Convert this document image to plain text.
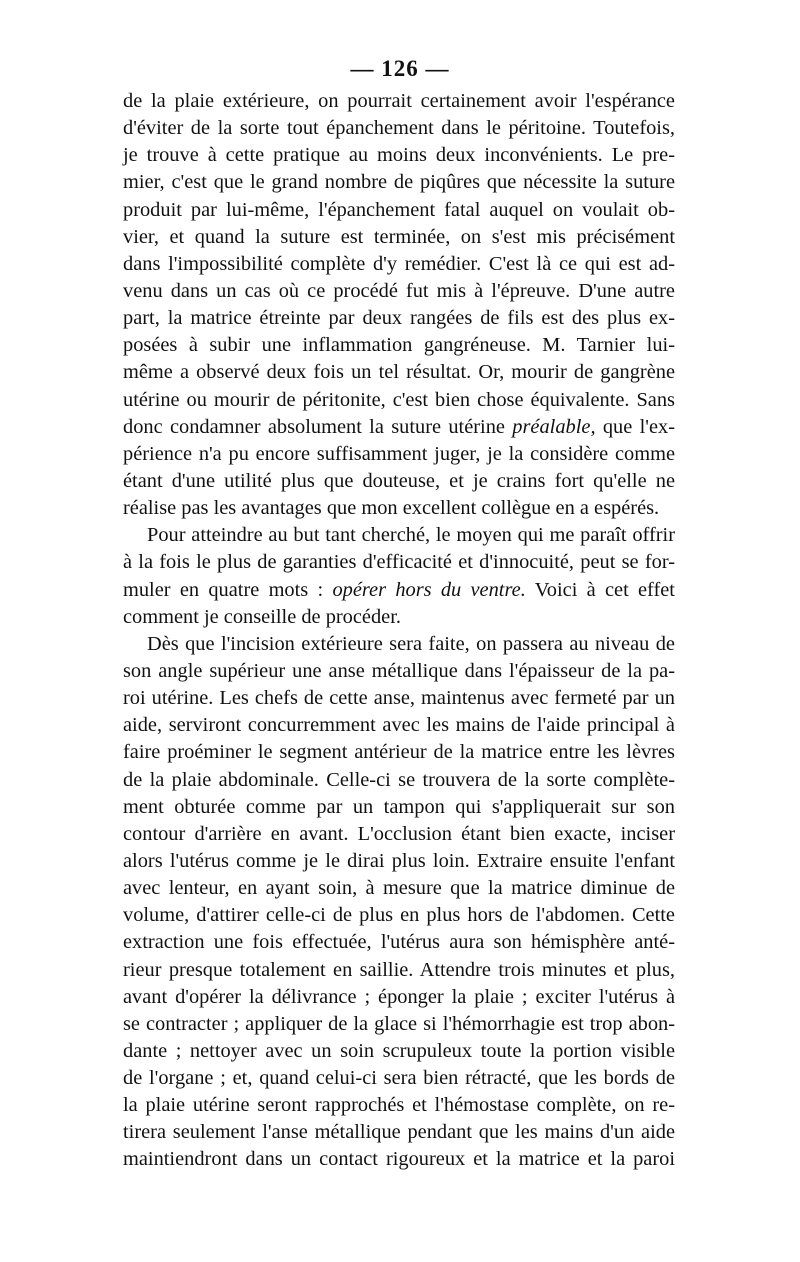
— 126 —
de la plaie extérieure, on pourrait certainement avoir l'espérance
d'éviter de la sorte tout épanchement dans le péritoine. Toutefois,
je trouve à cette pratique au moins deux inconvénients. Le pre-
mier, c'est que le grand nombre de piqûres que nécessite la suture
produit par lui-même, l'épanchement fatal auquel on voulait ob-
vier, et quand la suture est terminée, on s'est mis précisément
dans l'impossibilité complète d'y remédier. C'est là ce qui est ad-
venu dans un cas où ce procédé fut mis à l'épreuve. D'une autre
part, la matrice étreinte par deux rangées de fils est des plus ex-
posées à subir une inflammation gangréneuse. M. Tarnier lui-
même a observé deux fois un tel résultat. Or, mourir de gangrène
utérine ou mourir de péritonite, c'est bien chose équivalente. Sans
donc condamner absolument la suture utérine préalable, que l'ex-
périence n'a pu encore suffisamment juger, je la considère comme
étant d'une utilité plus que douteuse, et je crains fort qu'elle ne
réalise pas les avantages que mon excellent collègue en a espérés.
Pour atteindre au but tant cherché, le moyen qui me paraît offrir
à la fois le plus de garanties d'efficacité et d'innocuité, peut se for-
muler en quatre mots : opérer hors du ventre. Voici à cet effet
comment je conseille de procéder.
Dès que l'incision extérieure sera faite, on passera au niveau de
son angle supérieur une anse métallique dans l'épaisseur de la pa-
roi utérine. Les chefs de cette anse, maintenus avec fermeté par un
aide, serviront concurremment avec les mains de l'aide principal à
faire proéminer le segment antérieur de la matrice entre les lèvres
de la plaie abdominale. Celle-ci se trouvera de la sorte complète-
ment obturée comme par un tampon qui s'appliquerait sur son
contour d'arrière en avant. L'occlusion étant bien exacte, inciser
alors l'utérus comme je le dirai plus loin. Extraire ensuite l'enfant
avec lenteur, en ayant soin, à mesure que la matrice diminue de
volume, d'attirer celle-ci de plus en plus hors de l'abdomen. Cette
extraction une fois effectuée, l'utérus aura son hémisphère anté-
rieur presque totalement en saillie. Attendre trois minutes et plus,
avant d'opérer la délivrance ; éponger la plaie ; exciter l'utérus à
se contracter ; appliquer de la glace si l'hémorrhagie est trop abon-
dante ; nettoyer avec un soin scrupuleux toute la portion visible
de l'organe ; et, quand celui-ci sera bien rétracté, que les bords de
la plaie utérine seront rapprochés et l'hémostase complète, on re-
tirera seulement l'anse métallique pendant que les mains d'un aide
maintiendront dans un contact rigoureux et la matrice et la paroi
